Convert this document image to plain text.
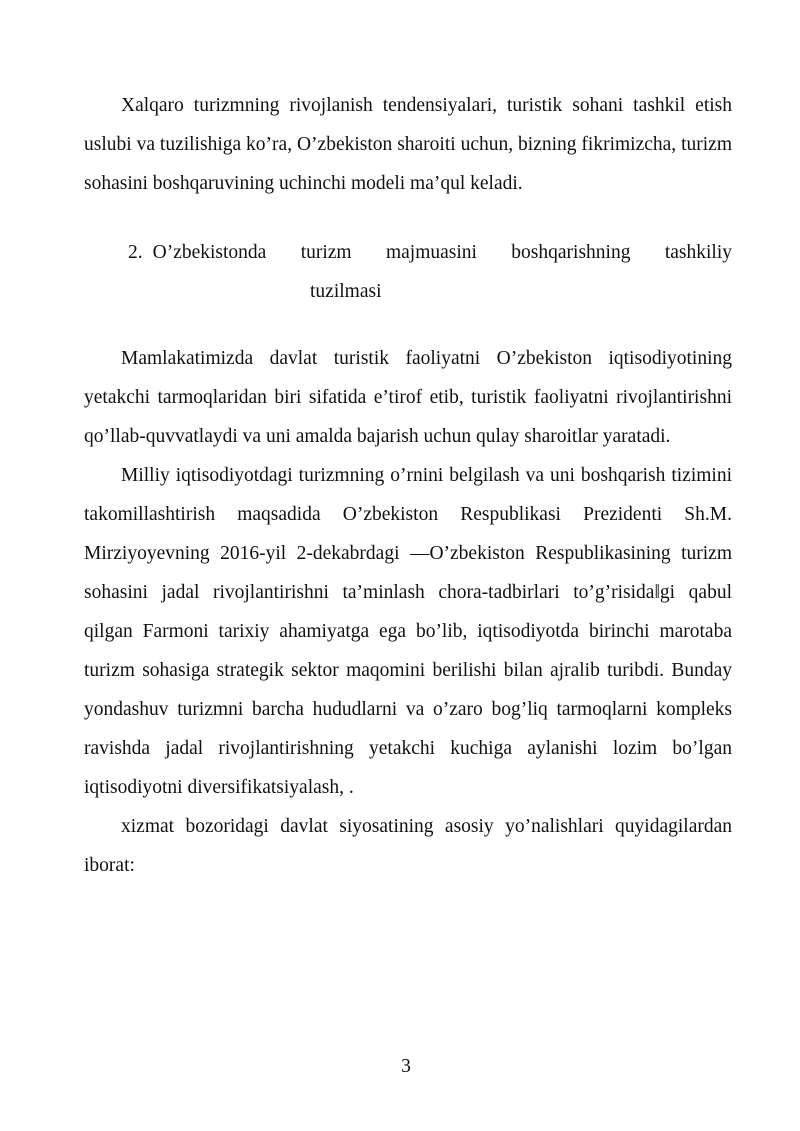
Xalqaro turizmning rivojlanish tendensiyalari, turistik sohani tashkil etish uslubi va tuzilishiga ko’ra, O’zbekiston sharoiti uchun, bizning fikrimizcha, turizm sohasini boshqaruvining uchinchi modeli ma’qul keladi.

2. O’zbekistonda turizm majmuasini boshqarishning tashkiliy
tuzilmasi

Mamlakatimizda davlat turistik faoliyatni O’zbekiston iqtisodiyotining yetakchi tarmoqlaridan biri sifatida e’tirof etib, turistik faoliyatni rivojlantirishni qo’llab-quvvatlaydi va uni amalda bajarish uchun qulay sharoitlar yaratadi.

Milliy iqtisodiyotdagi turizmning o’rnini belgilash va uni boshqarish tizimini takomillashtirish maqsadida O’zbekiston Respublikasi Prezidenti Sh.M. Mirziyoyevning 2016-yil 2-dekabrdagi ―O’zbekiston Respublikasining turizm sohasini jadal rivojlantirishni ta’minlash chora-tadbirlari to’g’risida‖gi qabul qilgan Farmoni tarixiy ahamiyatga ega bo’lib, iqtisodiyotda birinchi marotaba turizm sohasiga strategik sektor maqomini berilishi bilan ajralib turibdi. Bunday yondashuv turizmni barcha hududlarni va o’zaro bog’liq tarmoqlarni kompleks ravishda jadal rivojlantirishning yetakchi kuchiga aylanishi lozim bo’lgan iqtisodiyotni diversifikatsiyalash, .

xizmat bozoridagi davlat siyosatining asosiy yo’nalishlari quyidagilardan iborat:

3
